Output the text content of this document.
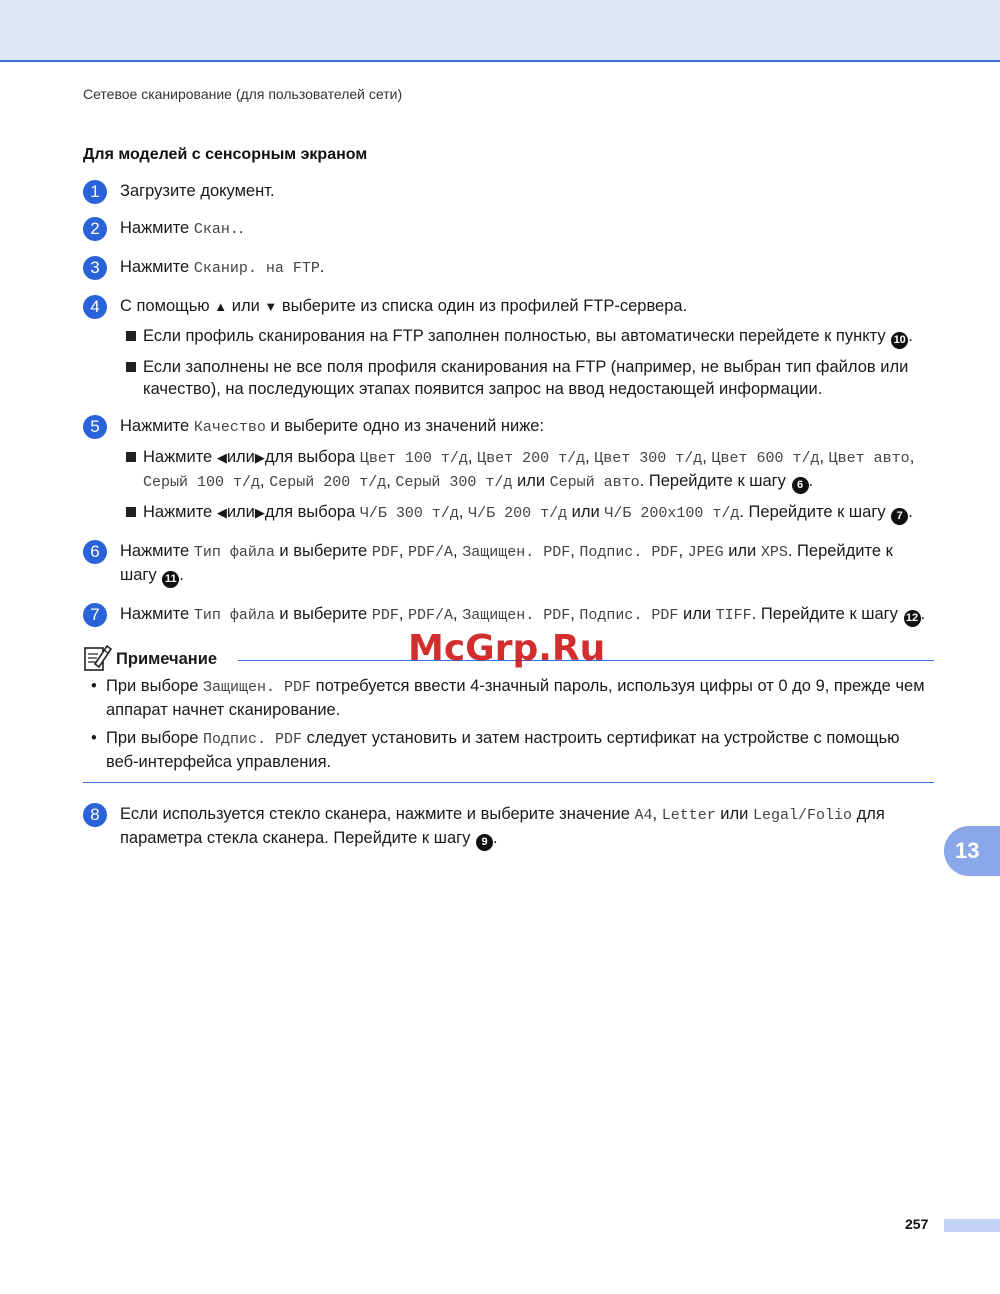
Сетевое сканирование (для пользователей сети)
Для моделей с сенсорным экраном
1	Загрузите документ.
2	Нажмите Скан..
3	Нажмите Сканир. на FTP.
4	С помощью ▲ или ▼ выберите из списка один из профилей FTP-сервера.
Если профиль сканирования на FTP заполнен полностью, вы автоматически перейдете к пункту 10 .
Если заполнены не все поля профиля сканирования на FTP (например, не выбран тип файлов или качество), на последующих этапах появится запрос на ввод недостающей информации.
5	Нажмите Качество и выберите одно из значений ниже:
Нажмите ◀или▶для выбора Цвет 100 т/д, Цвет 200 т/д, Цвет 300 т/д, Цвет 600 т/д, Цвет авто, Серый 100 т/д, Серый 200 т/д, Серый 300 т/д или Серый авто. Перейдите к шагу 6 .
Нажмите ◀или▶для выбора Ч/Б 300 т/д, Ч/Б 200 т/д или Ч/Б 200x100 т/д. Перейдите к шагу 7 .
6	Нажмите Тип файла и выберите PDF, PDF/A, Защищен. PDF, Подпис. PDF, JPEG или XPS. Перейдите к шагу 11 .
7	Нажмите Тип файла и выберите PDF, PDF/A, Защищен. PDF, Подпис. PDF или TIFF. Перейдите к шагу 12 .
Примечание
• При выборе Защищен. PDF потребуется ввести 4-значный пароль, используя цифры от 0 до 9, прежде чем аппарат начнет сканирование.
• При выборе Подпис. PDF следует установить и затем настроить сертификат на устройстве с помощью веб-интерфейса управления.
8	Если используется стекло сканера, нажмите и выберите значение A4, Letter или Legal/Folio для параметра стекла сканера. Перейдите к шагу 9 .	13
McGrp.Ru
257
